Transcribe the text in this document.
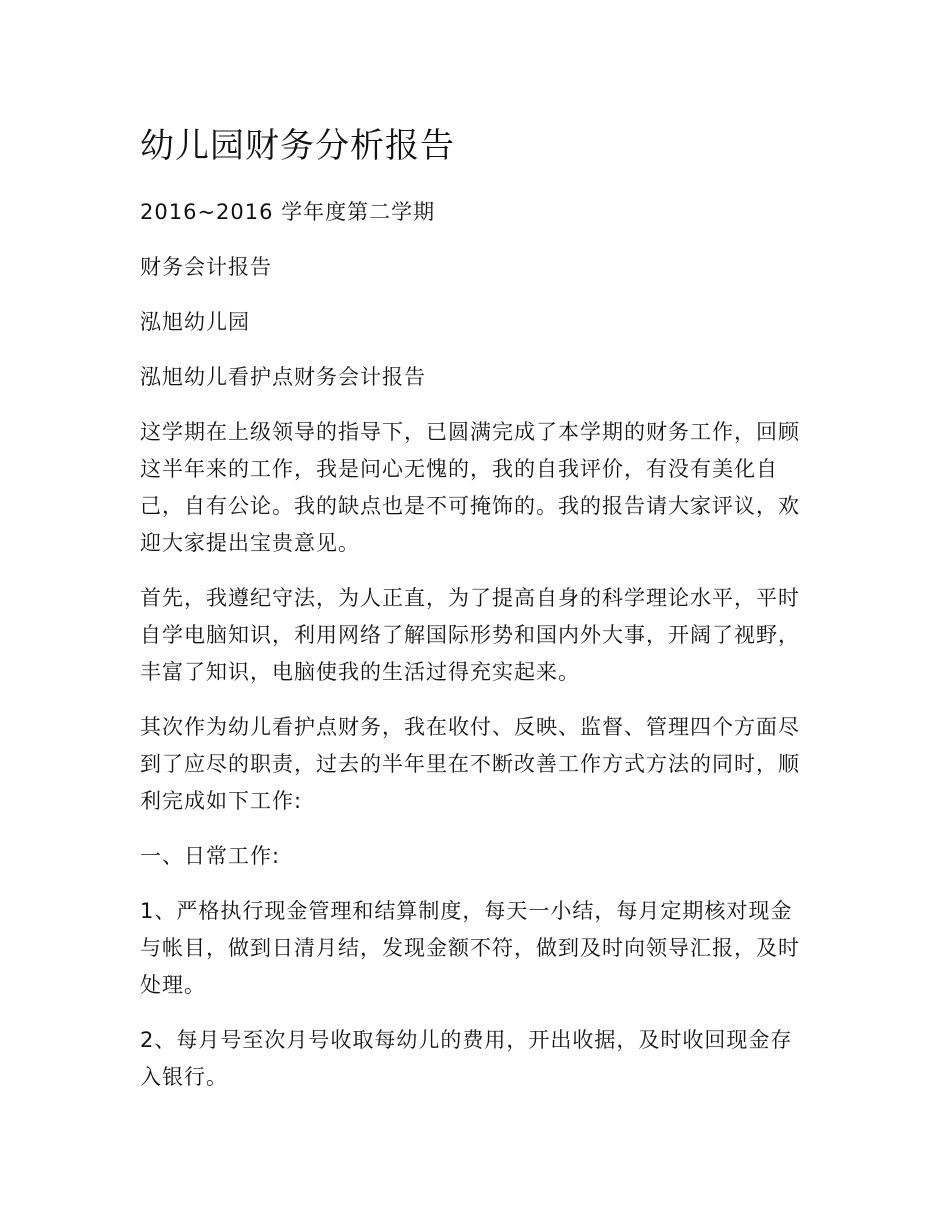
幼儿园财务分析报告
2016~2016 学年度第二学期
财务会计报告
泓旭幼儿园
泓旭幼儿看护点财务会计报告

这学期在上级领导的指导下，已圆满完成了本学期的财务工作，回顾这半年来的工作，我是问心无愧的，我的自我评价，有没有美化自己，自有公论。我的缺点也是不可掩饰的。我的报告请大家评议，欢迎大家提出宝贵意见。

首先，我遵纪守法，为人正直，为了提高自身的科学理论水平，平时自学电脑知识，利用网络了解国际形势和国内外大事，开阔了视野，丰富了知识，电脑使我的生活过得充实起来。

其次作为幼儿看护点财务，我在收付、反映、监督、管理四个方面尽到了应尽的职责，过去的半年里在不断改善工作方式方法的同时，顺利完成如下工作:

一、日常工作:

1、严格执行现金管理和结算制度，每天一小结，每月定期核对现金与帐目，做到日清月结，发现金额不符，做到及时向领导汇报，及时处理。

2、每月号至次月号收取每幼儿的费用，开出收据，及时收回现金存入银行。
